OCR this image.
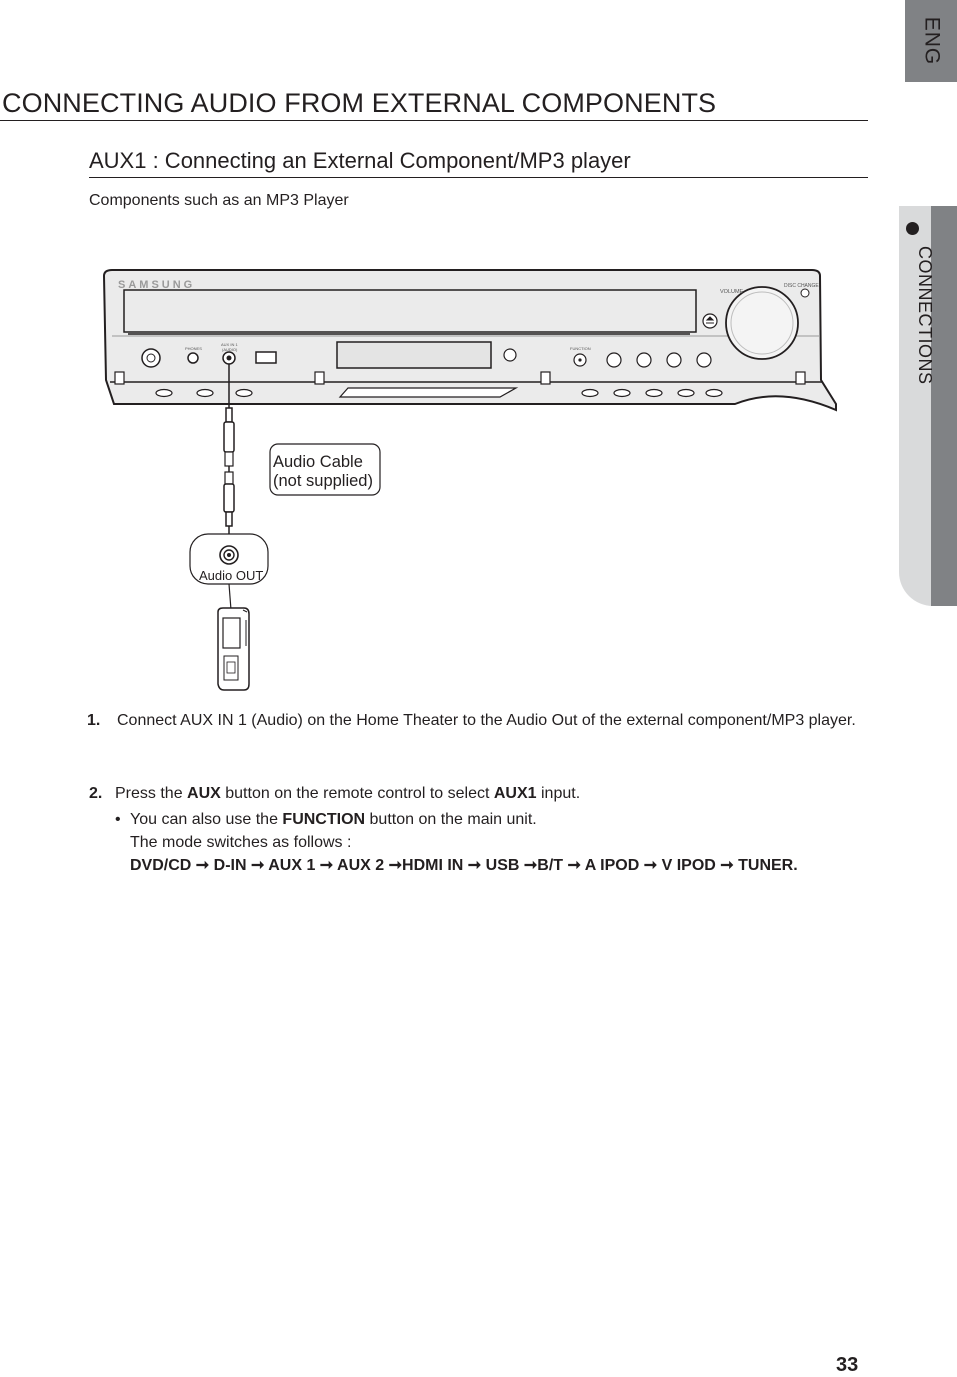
ENG
CONNECTIONS
CONNECTING AUDIO FROM EXTERNAL COMPONENTS
AUX1 : Connecting an External Component/MP3 player
Components such as an MP3 Player
SAMSUNG
VOLUME
DISC CHANGE
PHONES
AUX IN 1
(AUDIO)	FUNCTION
Audio Cable
(not supplied)
Audio OUT
1. Connect AUX IN 1 (Audio) on the Home Theater to the Audio Out of the external component/MP3 player.
2. Press the AUX button on the remote control to select AUX1 input.
• You can also use the FUNCTION button on the main unit.
The mode switches as follows :
DVD/CD ➞ D-IN ➞ AUX 1 ➞ AUX 2 ➞HDMI IN ➞ USB ➞B/T ➞ A IPOD ➞ V IPOD ➞ TUNER.
33
